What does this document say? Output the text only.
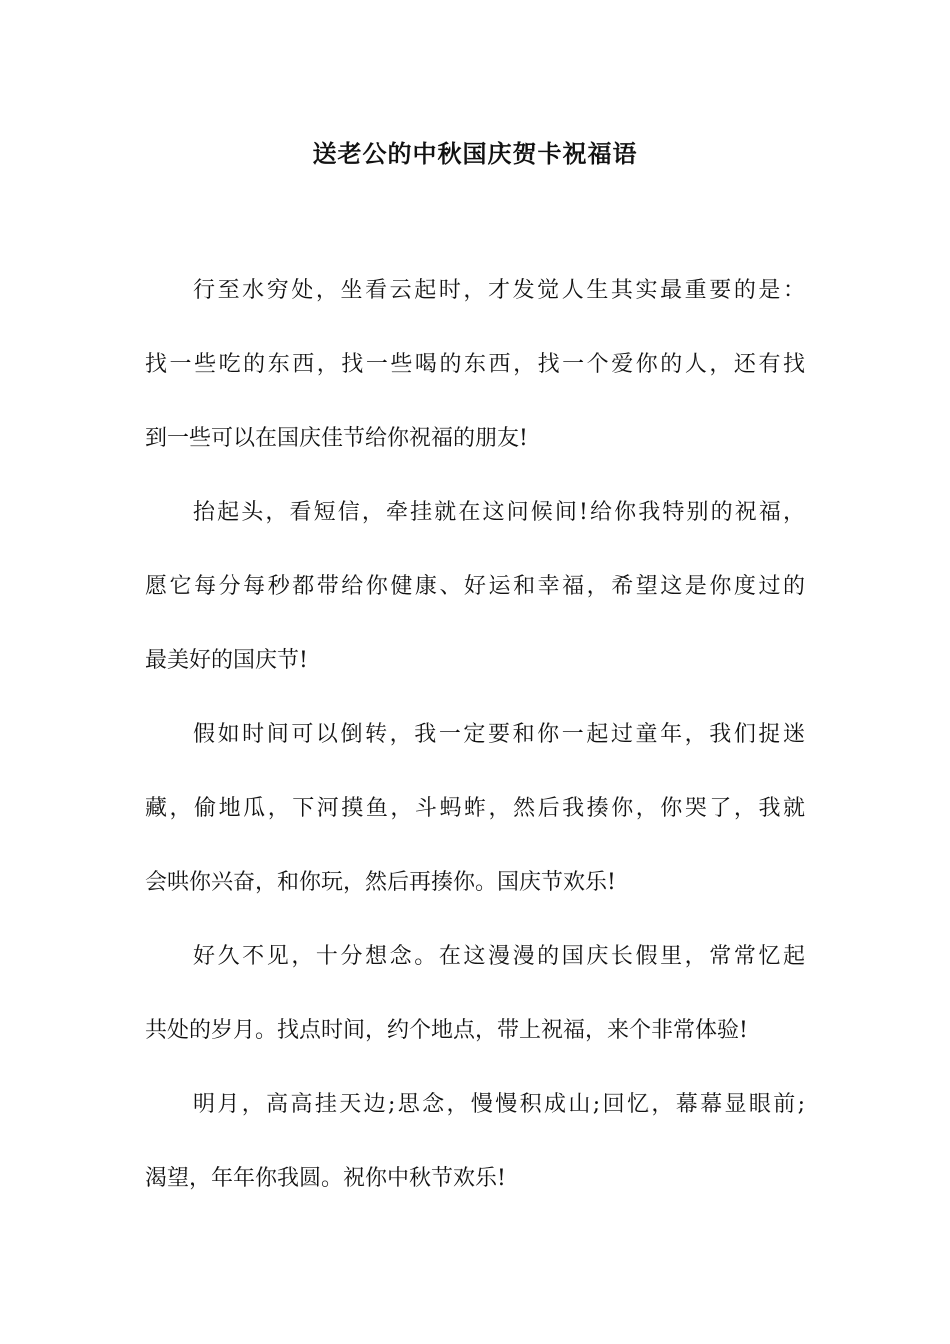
送老公的中秋国庆贺卡祝福语

行至水穷处，坐看云起时，才发觉人生其实最重要的是：
找一些吃的东西，找一些喝的东西，找一个爱你的人，还有找
到一些可以在国庆佳节给你祝福的朋友!

抬起头，看短信，牵挂就在这问候间!给你我特别的祝福，
愿它每分每秒都带给你健康、好运和幸福，希望这是你度过的
最美好的国庆节!

假如时间可以倒转，我一定要和你一起过童年，我们捉迷
藏，偷地瓜，下河摸鱼，斗蚂蚱，然后我揍你，你哭了，我就
会哄你兴奋，和你玩，然后再揍你。国庆节欢乐!

好久不见，十分想念。在这漫漫的国庆长假里，常常忆起
共处的岁月。找点时间，约个地点，带上祝福，来个非常体验!

明月，高高挂天边;思念，慢慢积成山;回忆，幕幕显眼前;
渴望，年年你我圆。祝你中秋节欢乐!
